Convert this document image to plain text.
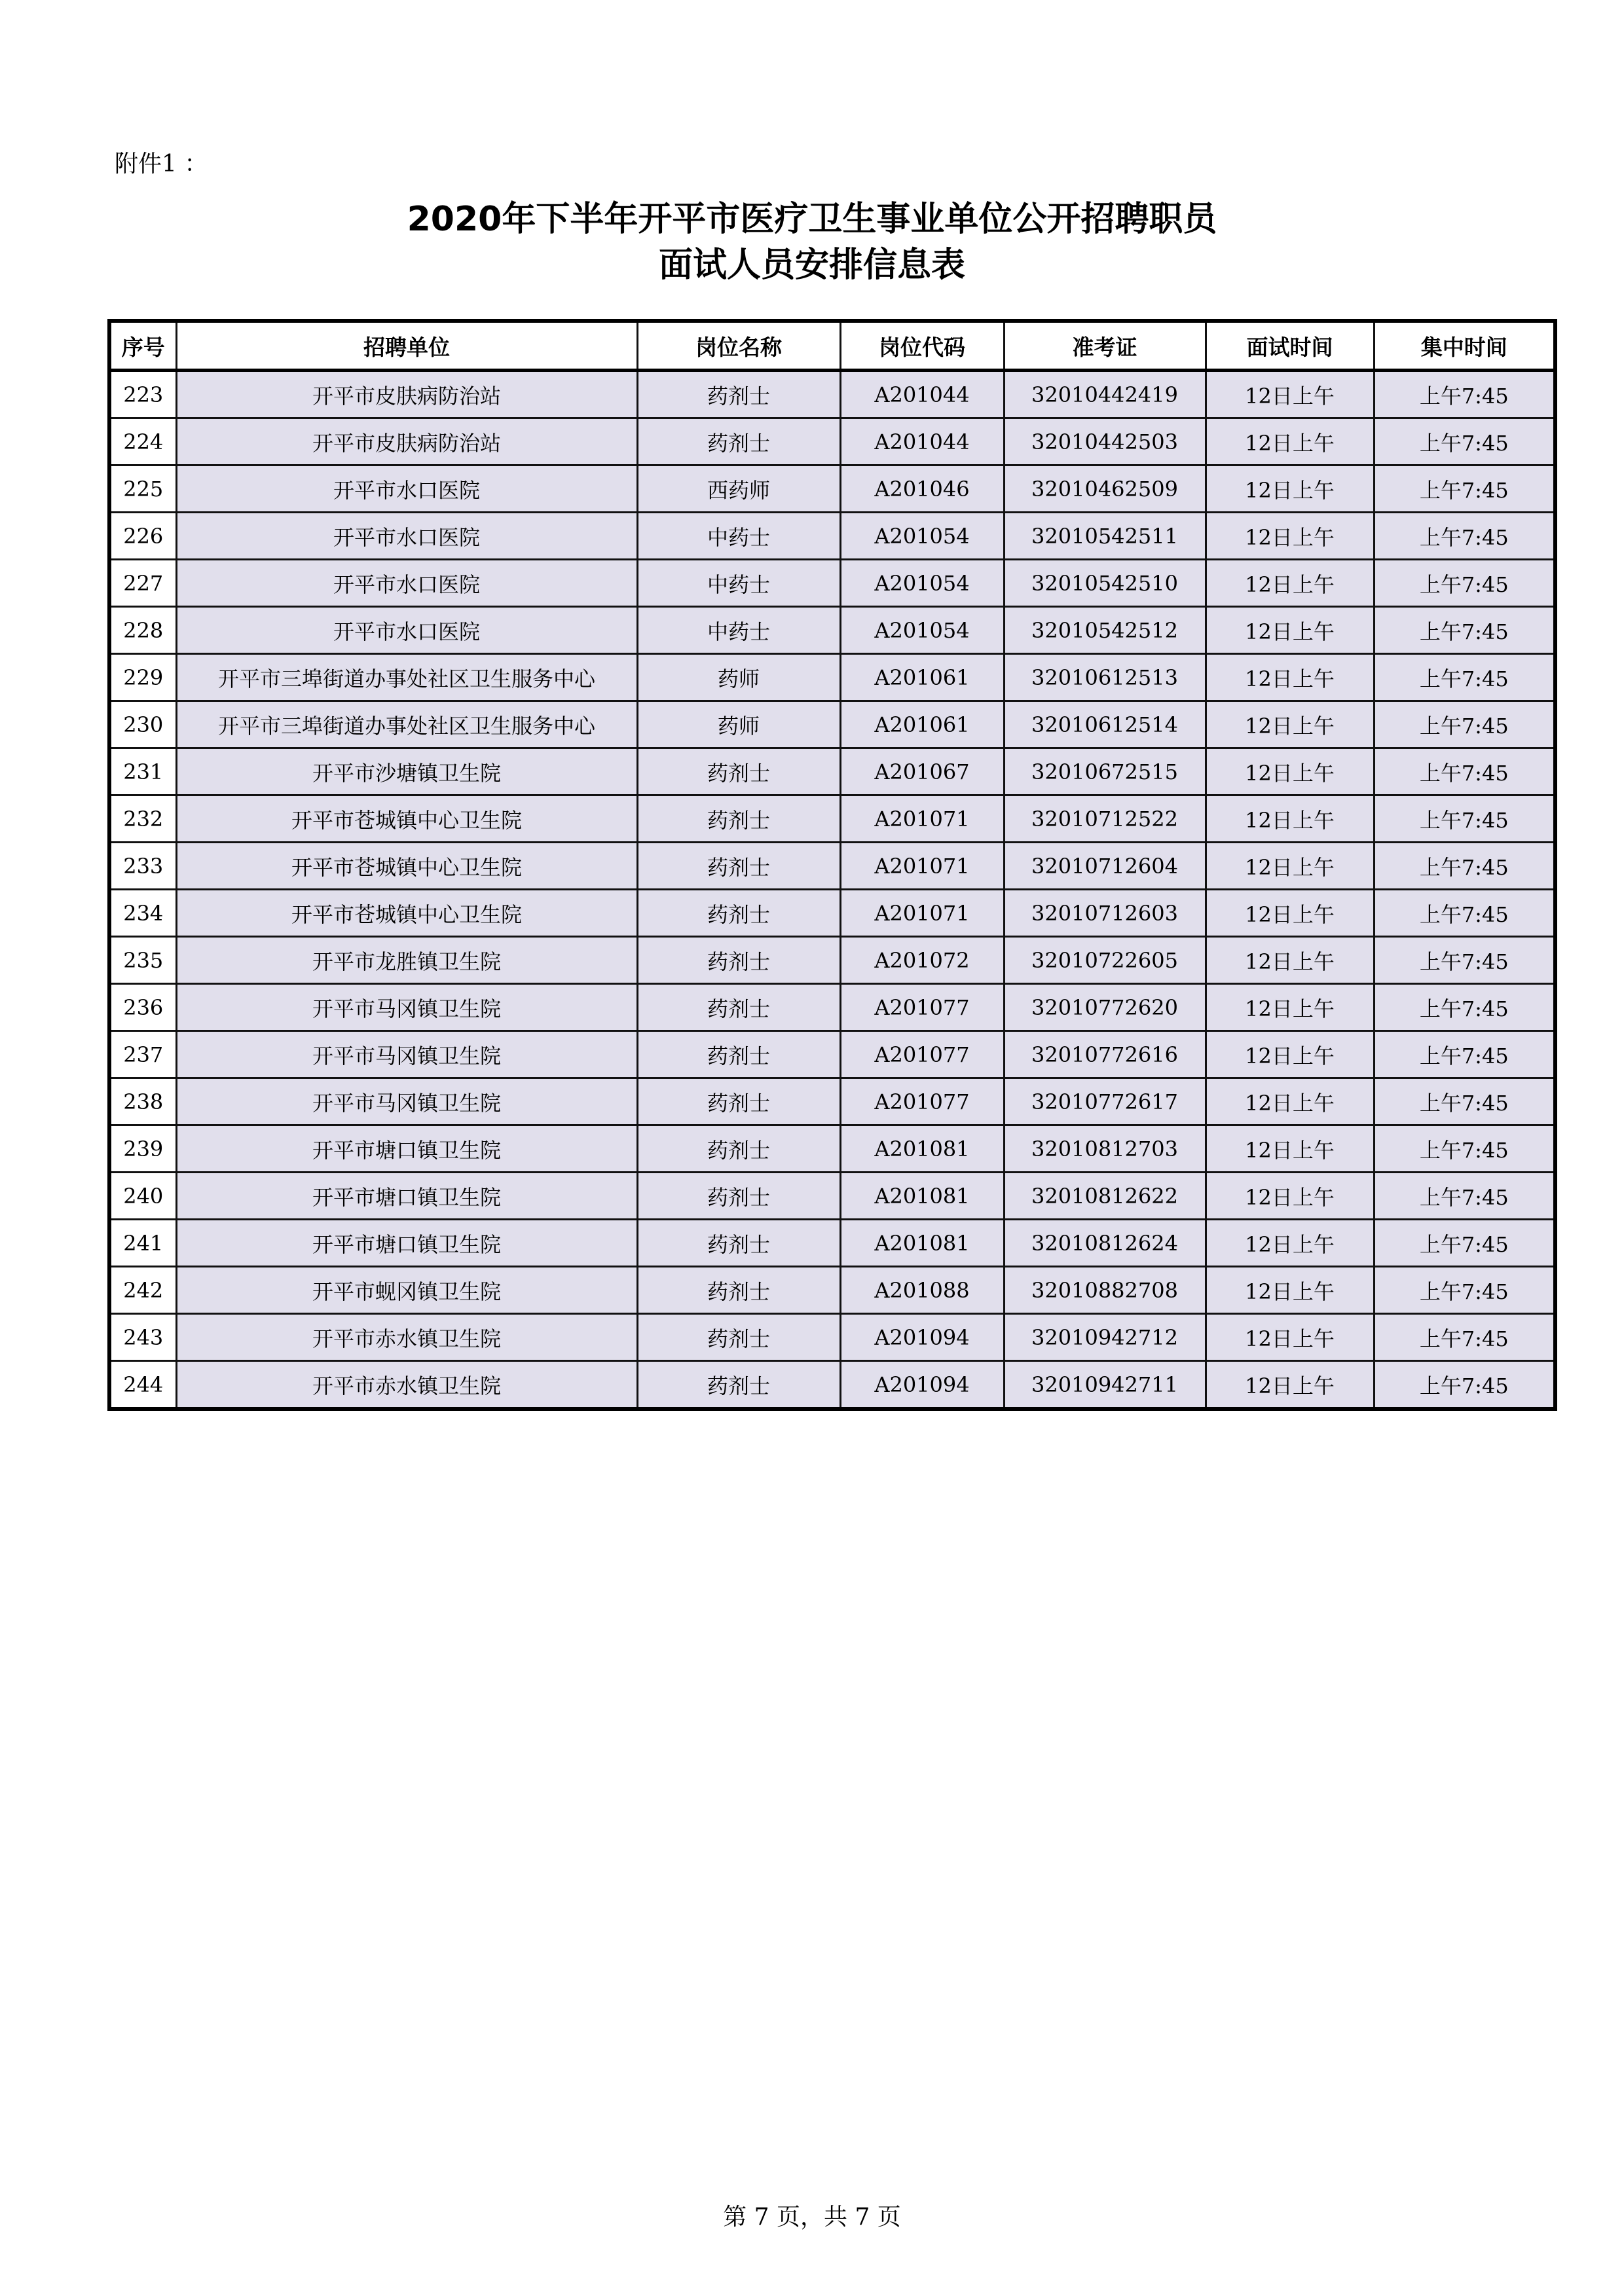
附件1 ：
2020年下半年开平市医疗卫生事业单位公开招聘职员
面试人员安排信息表
序号	招聘单位	岗位名称	岗位代码	准考证	面试时间	集中时间
223	开平市皮肤病防治站	药剂士	A201044	32010442419	12日上午	上午7:45
224	开平市皮肤病防治站	药剂士	A201044	32010442503	12日上午	上午7:45
225	开平市水口医院	西药师	A201046	32010462509	12日上午	上午7:45
226	开平市水口医院	中药士	A201054	32010542511	12日上午	上午7:45
227	开平市水口医院	中药士	A201054	32010542510	12日上午	上午7:45
228	开平市水口医院	中药士	A201054	32010542512	12日上午	上午7:45
229	开平市三埠街道办事处社区卫生服务中心	药师	A201061	32010612513	12日上午	上午7:45
230	开平市三埠街道办事处社区卫生服务中心	药师	A201061	32010612514	12日上午	上午7:45
231	开平市沙塘镇卫生院	药剂士	A201067	32010672515	12日上午	上午7:45
232	开平市苍城镇中心卫生院	药剂士	A201071	32010712522	12日上午	上午7:45
233	开平市苍城镇中心卫生院	药剂士	A201071	32010712604	12日上午	上午7:45
234	开平市苍城镇中心卫生院	药剂士	A201071	32010712603	12日上午	上午7:45
235	开平市龙胜镇卫生院	药剂士	A201072	32010722605	12日上午	上午7:45
236	开平市马冈镇卫生院	药剂士	A201077	32010772620	12日上午	上午7:45
237	开平市马冈镇卫生院	药剂士	A201077	32010772616	12日上午	上午7:45
238	开平市马冈镇卫生院	药剂士	A201077	32010772617	12日上午	上午7:45
239	开平市塘口镇卫生院	药剂士	A201081	32010812703	12日上午	上午7:45
240	开平市塘口镇卫生院	药剂士	A201081	32010812622	12日上午	上午7:45
241	开平市塘口镇卫生院	药剂士	A201081	32010812624	12日上午	上午7:45
242	开平市蚬冈镇卫生院	药剂士	A201088	32010882708	12日上午	上午7:45
243	开平市赤水镇卫生院	药剂士	A201094	32010942712	12日上午	上午7:45
244	开平市赤水镇卫生院	药剂士	A201094	32010942711	12日上午	上午7:45
第 7 页，共 7 页
